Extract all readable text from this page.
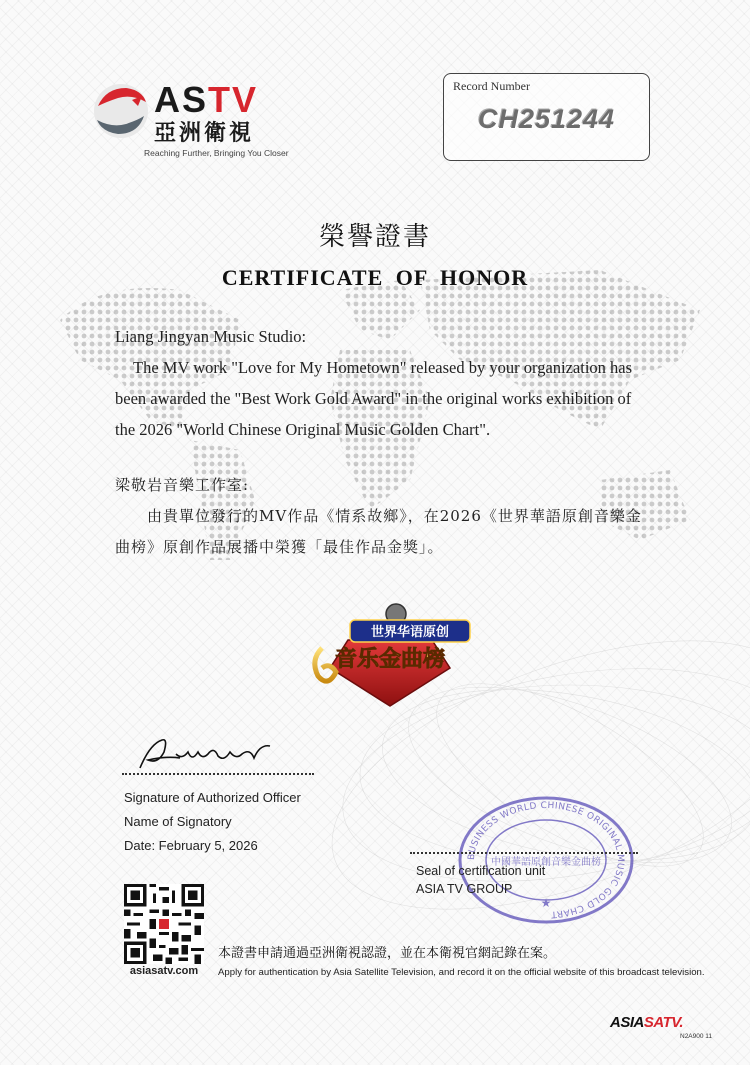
ASTV
亞洲衛視
Reaching Further, Bringing You Closer
Record Number
CH251244
榮譽證書
CERTIFICATE OF HONOR
Liang Jingyan Music Studio:
The MV work "Love for My Hometown" released by your organization has been awarded the "Best Work Gold Award" in the original works exhibition of the 2026 "World Chinese Original Music Golden Chart".
梁敬岩音樂工作室:
由貴單位發行的MV作品《情系故鄉》，在2026《世界華語原創音樂金曲榜》原創作品展播中榮獲「最佳作品金獎」。
世界华语原创
音乐金曲榜
Signature of Authorized Officer
Name of Signatory
Date: February 5, 2026
BUSINESS WORLD CHINESE ORIGINAL MUSIC GOLD CHART
中國華語原創音樂金曲榜
★
Seal of certification unit
ASIA TV GROUP
asiasatv.com
本證書申請通過亞洲衛視認證，並在本衛視官網記錄在案。
Apply for authentication by Asia Satellite Television, and record it on the official website of this broadcast television.
ASIASATV.
N2A900 11
